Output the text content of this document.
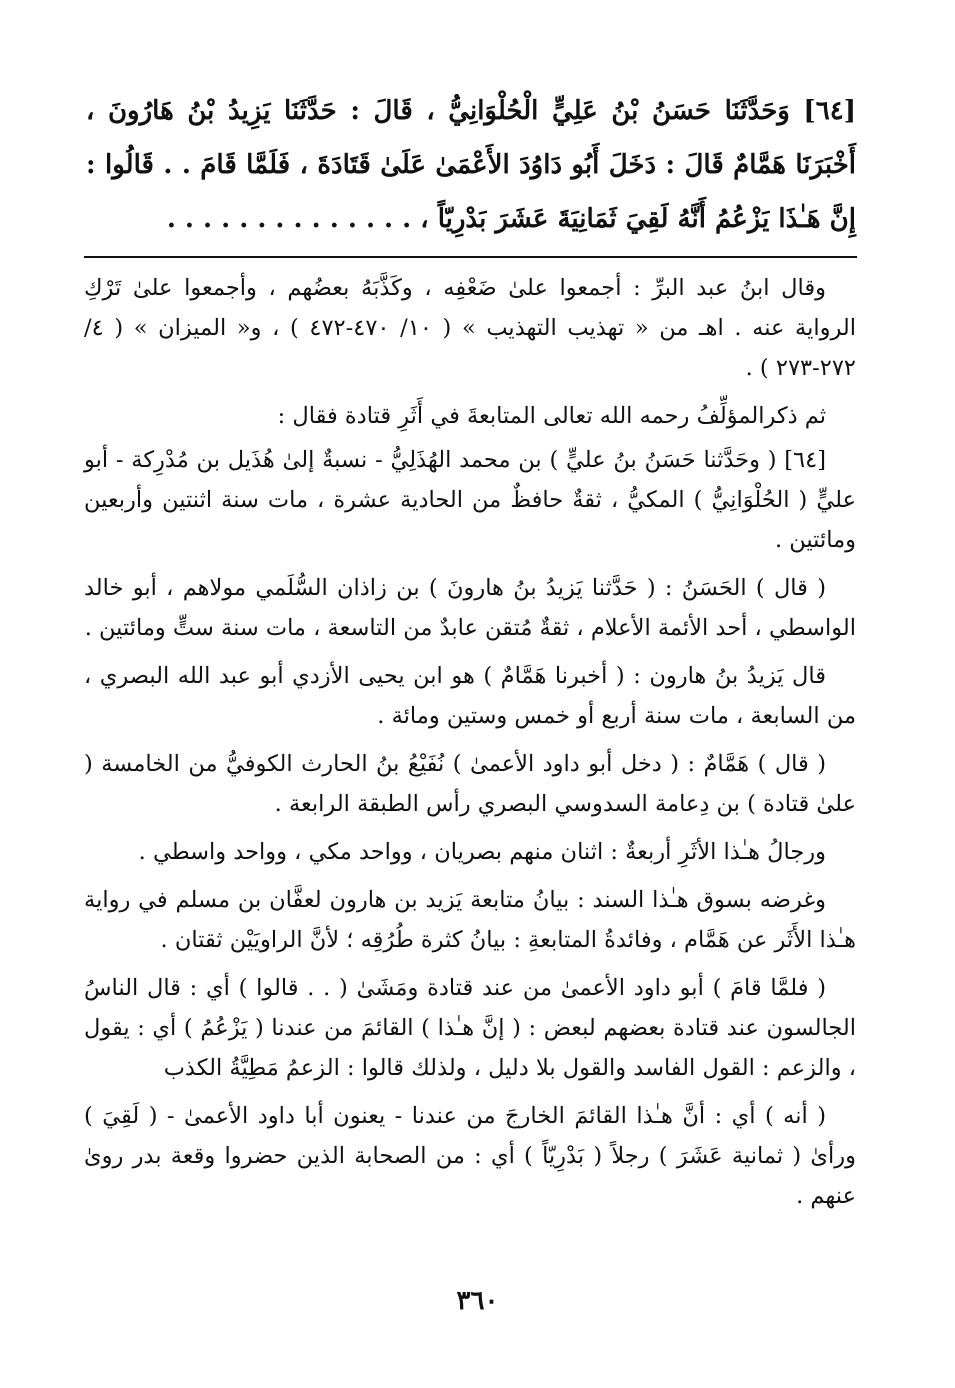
[٦٤] وَحَدَّثَنَا حَسَنُ بْنُ عَلِيٍّ الْحُلْوَانِيُّ ، قَالَ : حَدَّثَنَا يَزِيدُ بْنُ هَارُونَ ، أَخْبَرَنَا هَمَّامٌ قَالَ : دَخَلَ أَبُو دَاوُدَ الأَعْمَىٰ عَلَىٰ قَتَادَةَ ، فَلَمَّا قَامَ . . قَالُوا : إِنَّ هَـٰذَا يَزْعُمُ أَنَّهُ لَقِيَ ثَمَانِيَةَ عَشَرَ بَدْرِيّاً ، . . . . . . . . . . . . . .

وقال ابنُ عبد البرِّ : أجمعوا علىٰ ضَعْفِه ، وكَذَّبَهُ بعضُهم ، وأجمعوا علىٰ تَرْكِ الرواية عنه . اهـ من « تهذيب التهذيب » ( ١٠/ ٤٧٠-٤٧٢ ) ، و« الميزان » ( ٤/ ٢٧٢-٢٧٣ ) .

ثم ذكرالمؤلِّفُ رحمه الله تعالى المتابعةَ في أَثَرِ قتادة فقال :

[٦٤] ( وحَدَّثنا حَسَنُ بنُ عليٍّ ) بن محمد الهُذَلِيُّ - نسبةٌ إلىٰ هُذَيل بن مُدْرِكة - أبو عليٍّ ( الحُلْوَانِيُّ ) المكيُّ ، ثقةٌ حافظٌ من الحادية عشرة ، مات سنة اثنتين وأربعين ومائتين .

( قال ) الحَسَنُ : ( حَدَّثنا يَزيدُ بنُ هارونَ ) بن زاذان السُّلَمي مولاهم ، أبو خالد الواسطي ، أحد الأئمة الأعلام ، ثقةٌ مُتقن عابدٌ من التاسعة ، مات سنة ستٍّ ومائتين .

قال يَزيدُ بنُ هارون : ( أخبرنا هَمَّامٌ ) هو ابن يحيى الأزدي أبو عبد الله البصري ، من السابعة ، مات سنة أربع أو خمس وستين ومائة .

( قال ) هَمَّامٌ : ( دخل أبو داود الأعمىٰ ) نُفَيْعُ بنُ الحارث الكوفيُّ من الخامسة ( علىٰ قتادة ) بن دِعامة السدوسي البصري رأس الطبقة الرابعة .

ورجالُ هـٰذا الأثَرِ أربعةٌ : اثنان منهم بصريان ، وواحد مكي ، وواحد واسطي .

وغرضه بسوق هـٰذا السند : بيانُ متابعة يَزيد بن هارون لعفَّان بن مسلم في رواية هـٰذا الأَثَر عن هَمَّام ، وفائدةُ المتابعةِ : بيانُ كثرة طُرُقِه ؛ لأنَّ الراويَيْن ثقتان .

( فلمَّا قامَ ) أبو داود الأعمىٰ من عند قتادة ومَشَىٰ ( . . قالوا ) أي : قال الناسُ الجالسون عند قتادة بعضهم لبعض : ( إنَّ هـٰذا ) القائمَ من عندنا ( يَزْعُمُ ) أي : يقول ، والزعم : القول الفاسد والقول بلا دليل ، ولذلك قالوا : الزعمُ مَطِيَّةُ الكذب

( أنه ) أي : أنَّ هـٰذا القائمَ الخارجَ من عندنا - يعنون أبا داود الأعمىٰ - ( لَقِيَ ) ورأىٰ ( ثمانية عَشَرَ ) رجلاً ( بَدْرِيّاً ) أي : من الصحابة الذين حضروا وقعة بدر روىٰ عنهم .

٣٦٠
